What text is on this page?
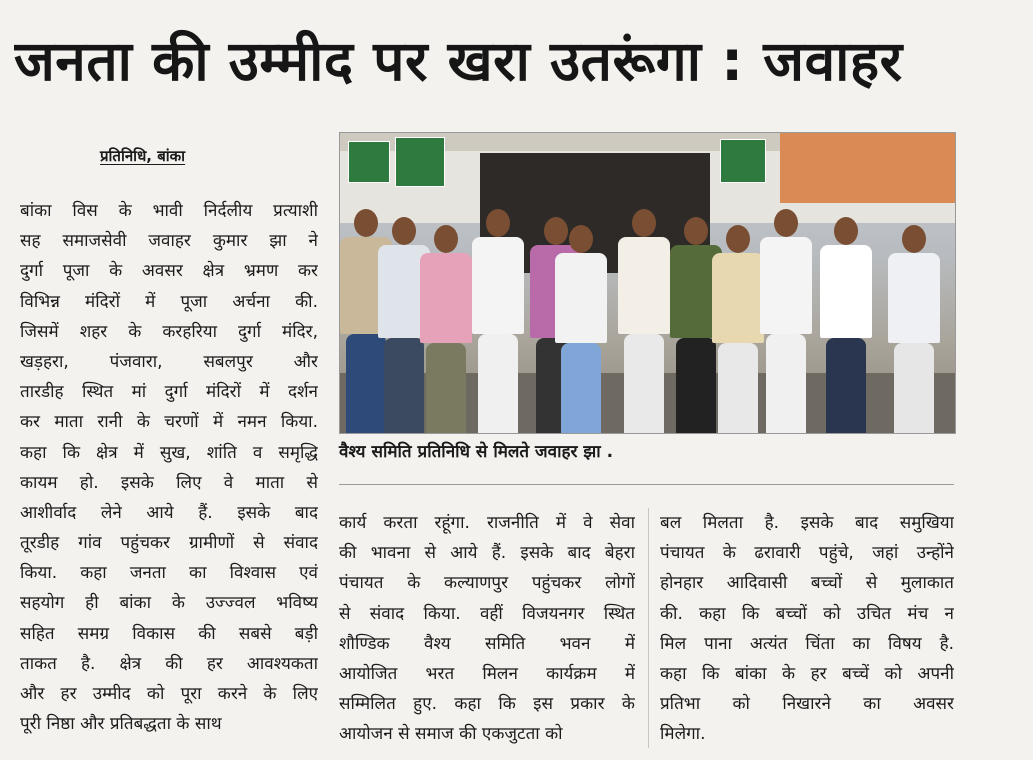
जनता की उम्मीद पर खरा उतरूंगा : जवाहर
प्रतिनिधि, बांका
बांका विस के भावी निर्दलीय प्रत्याशी
सह समाजसेवी जवाहर कुमार झा ने
दुर्गा पूजा के अवसर क्षेत्र भ्रमण कर
विभिन्न मंदिरों में पूजा अर्चना की.
जिसमें शहर के करहरिया दुर्गा मंदिर,
खड़हरा, पंजवारा, सबलपुर और
तारडीह स्थित मां दुर्गा मंदिरों में दर्शन
कर माता रानी के चरणों में नमन किया.
कहा कि क्षेत्र में सुख, शांति व समृद्धि
कायम हो. इसके लिए वे माता से
आशीर्वाद लेने आये हैं. इसके बाद
तूरडीह गांव पहुंचकर ग्रामीणों से संवाद
किया. कहा जनता का विश्वास एवं
सहयोग ही बांका के उज्ज्वल भविष्य
सहित समग्र विकास की सबसे बड़ी
ताकत है. क्षेत्र की हर आवश्यकता
और हर उम्मीद को पूरा करने के लिए
पूरी निष्ठा और प्रतिबद्धता के साथ
वैश्य समिति प्रतिनिधि से मिलते जवाहर झा .
कार्य करता रहूंगा. राजनीति में वे सेवा
की भावना से आये हैं. इसके बाद बेहरा
पंचायत के कल्याणपुर पहुंचकर लोगों
से संवाद किया. वहीं विजयनगर स्थित
शौण्डिक वैश्य समिति भवन में
आयोजित भरत मिलन कार्यक्रम में
सम्मिलित हुए. कहा कि इस प्रकार के
आयोजन से समाज की एकजुटता को
बल मिलता है. इसके बाद समुखिया
पंचायत के ढरावारी पहुंचे, जहां उन्होंने
होनहार आदिवासी बच्चों से मुलाकात
की. कहा कि बच्चों को उचित मंच न
मिल पाना अत्यंत चिंता का विषय है.
कहा कि बांका के हर बच्चें को अपनी
प्रतिभा को निखारने का अवसर
मिलेगा.
